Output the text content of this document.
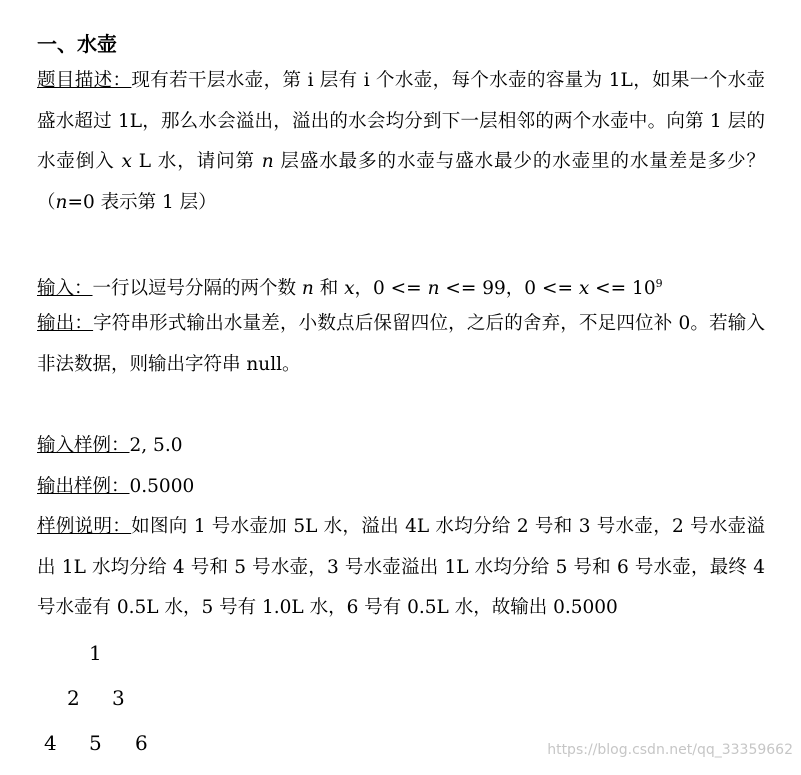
一、水壶
题目描述：现有若干层水壶，第 i 层有 i 个水壶，每个水壶的容量为 1L，如果一个水壶盛水超过 1L，那么水会溢出，溢出的水会均分到下一层相邻的两个水壶中。向第 1 层的水壶倒入 x L 水，请问第 n 层盛水最多的水壶与盛水最少的水壶里的水量差是多少？（n=0 表示第 1 层）
输入：一行以逗号分隔的两个数 n 和 x，0 <= n <= 99，$0 <= x <= 10^9$
输出：字符串形式输出水量差，小数点后保留四位，之后的舍弃，不足四位补 0。若输入非法数据，则输出字符串 null。
输入样例：2, 5.0
输出样例：0.5000
样例说明：如图向 1 号水壶加 5L 水，溢出 4L 水均分给 2 号和 3 号水壶，2 号水壶溢出 1L 水均分给 4 号和 5 号水壶，3 号水壶溢出 1L 水均分给 5 号和 6 号水壶，最终 4 号水壶有 0.5L 水，5 号有 1.0L 水，6 号有 0.5L 水，故输出 0.5000
1
2 3
4 5 6	https://blog.csdn.net/qq_33359662
